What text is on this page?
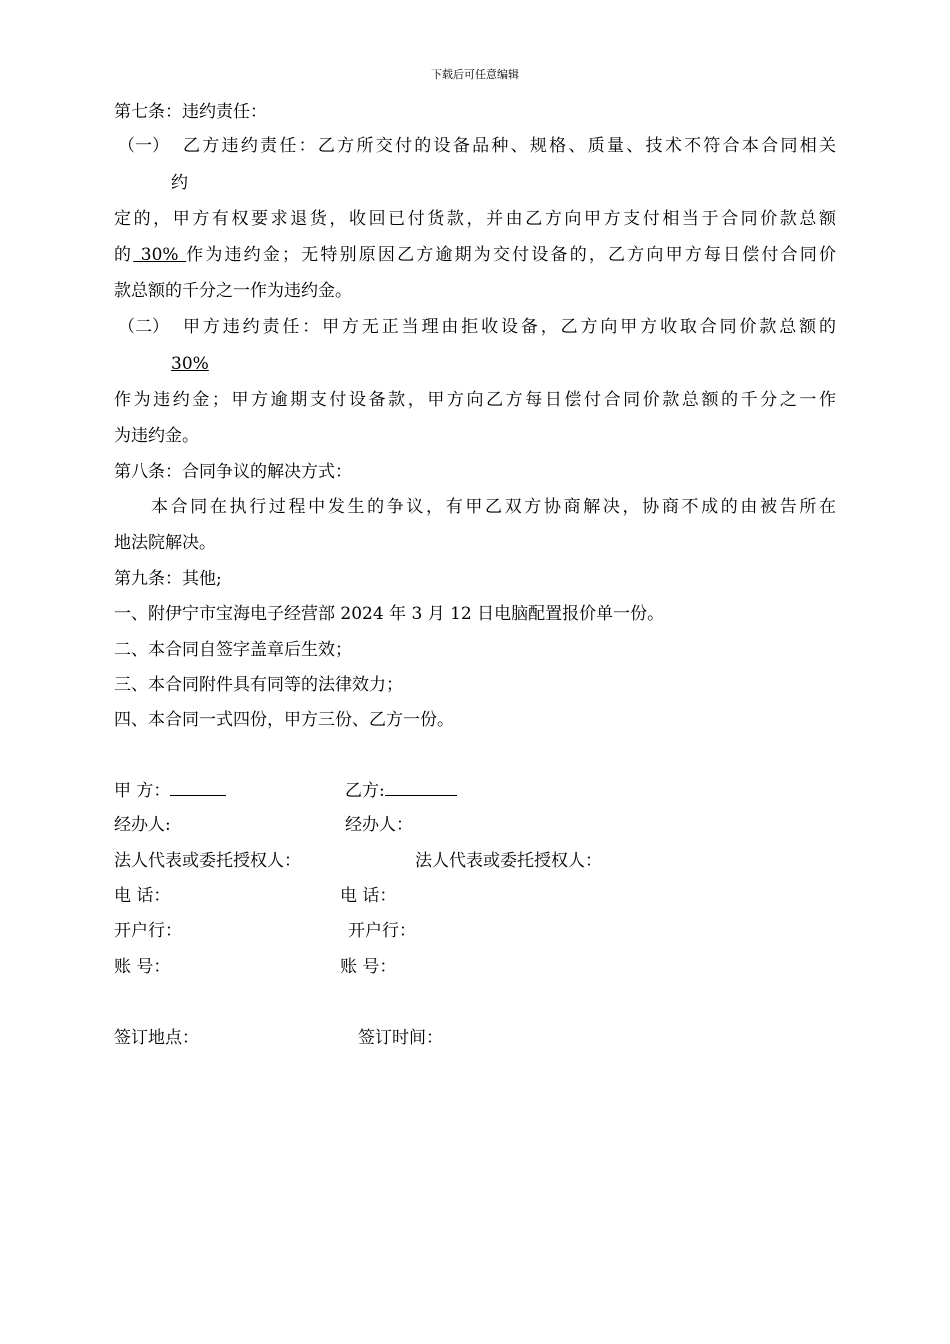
下载后可任意编辑
第七条：违约责任：
（一） 乙方违约责任：乙方所交付的设备品种、规格、质量、技术不符合本合同相关
约
定的，甲方有权要求退货，收回已付货款，并由乙方向甲方支付相当于合同价款总额
的 30% 作为违约金；无特别原因乙方逾期为交付设备的，乙方向甲方每日偿付合同价
款总额的千分之一作为违约金。
（二） 甲方违约责任：甲方无正当理由拒收设备，乙方向甲方收取合同价款总额的
30%
作为违约金；甲方逾期支付设备款，甲方向乙方每日偿付合同价款总额的千分之一作
为违约金。
第八条：合同争议的解决方式：
本合同在执行过程中发生的争议，有甲乙双方协商解决，协商不成的由被告所在
地法院解决。
第九条：其他;
一、附伊宁市宝海电子经营部 2024 年 3 月 12 日电脑配置报价单一份。
二、本合同自签字盖章后生效；
三、本合同附件具有同等的法律效力；
四、本合同一式四份，甲方三份、乙方一份。
甲 方：	乙方:
经办人:	经办人：
法人代表或委托授权人：	法人代表或委托授权人：
电 话：	电 话：
开户行：	开户行：
账 号：	账 号：
签订地点：	签订时间：
